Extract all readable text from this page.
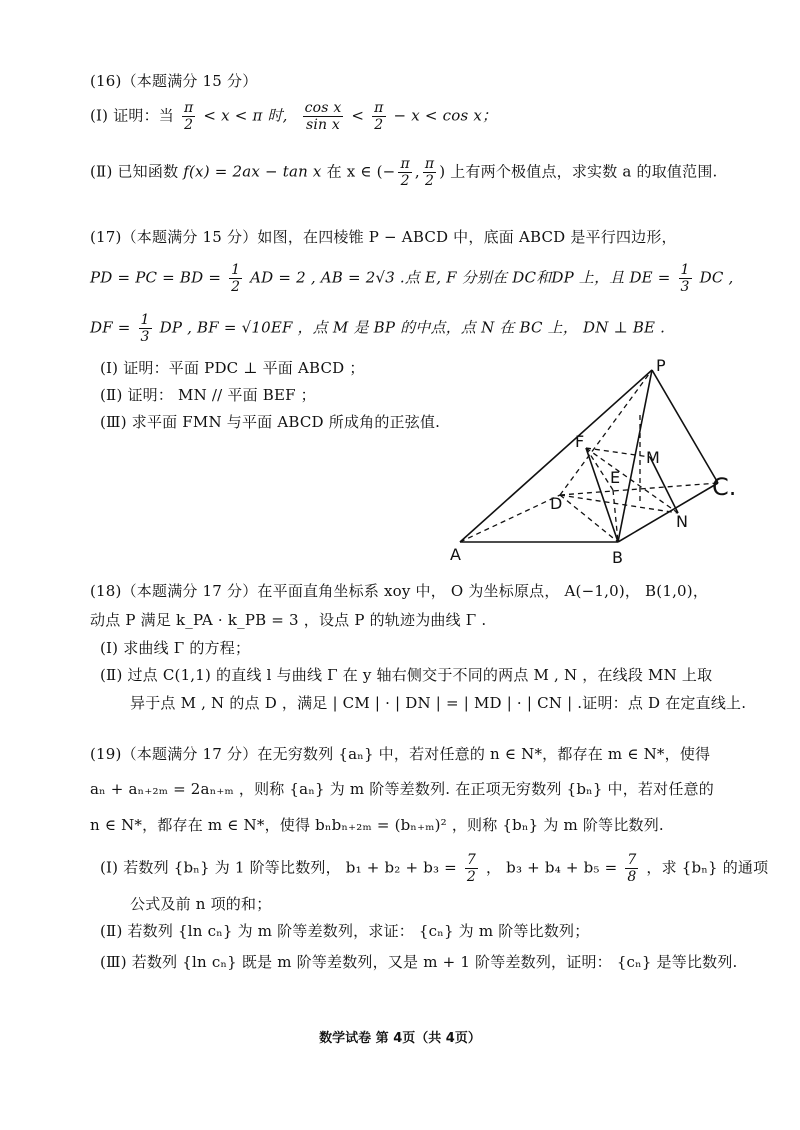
(16)（本题满分 15 分）
(Ⅰ) 证明：当 $\frac{\pi}{2} < x < \pi$ 时, $\frac{\text{cos x}}{\text{sin x}} < \frac{\pi}{2} - x < \cos x$；
(Ⅱ) 已知函数 f(x) = 2ax − tan x 在 x ∈ (− $\frac{\pi}{2}$ , $\frac{\pi}{2}$ ) 上有两个极值点，求实数 a 的取值范围.
(17)（本题满分 15 分）如图，在四棱锥 P − ABCD 中，底面 ABCD 是平行四边形，
PD = PC = BD = $\frac{1}{2}$ AD = 2 , AB = 2√3 .点 E, F 分别在 DC和DP 上，且 DE = $\frac{1}{3}$ DC ,
DF = $\frac{1}{3}$ DP , BF = √10EF ，点 M 是 BP 的中点，点 N 在 BC 上， DN ⊥ BE .
(Ⅰ) 证明：平面 PDC ⊥ 平面 ABCD ；
(Ⅱ) 证明： MN // 平面 BEF ；
(Ⅲ) 求平面 FMN 与平面 ABCD 所成角的正弦值.
P
F
M
E
D
C.
N
A	B
(18)（本题满分 17 分）在平面直角坐标系 xoy 中， O 为坐标原点， A(−1,0)， B(1,0)，
动点 P 满足 k_PA · k_PB = 3 ，设点 P 的轨迹为曲线 Γ .
(Ⅰ) 求曲线 Γ 的方程；
(Ⅱ) 过点 C(1,1) 的直线 l 与曲线 Γ 在 y 轴右侧交于不同的两点 M , N ，在线段 MN 上取
异于点 M , N 的点 D ，满足 | CM | · | DN | = | MD | · | CN | .证明：点 D 在定直线上.
(19)（本题满分 17 分）在无穷数列 {aₙ} 中，若对任意的 n ∈ N*，都存在 m ∈ N*，使得
aₙ + aₙ₊₂ₘ = 2aₙ₊ₘ ，则称 {aₙ} 为 m 阶等差数列. 在正项无穷数列 {bₙ} 中，若对任意的
n ∈ N*，都存在 m ∈ N*，使得 bₙbₙ₊₂ₘ = (bₙ₊ₘ)² ，则称 {bₙ} 为 m 阶等比数列.
(Ⅰ) 若数列 {bₙ} 为 1 阶等比数列， $b_1 + b_2 + b_3 = \frac{7}{2}$ ， $b_3 + b_4 + b_5 = \frac{7}{8}$ ，求 {bₙ} 的通项
公式及前 n 项的和；
(Ⅱ) 若数列 {ln cₙ} 为 m 阶等差数列，求证： {cₙ} 为 m 阶等比数列；
(Ⅲ) 若数列 {ln cₙ} 既是 m 阶等差数列，又是 m + 1 阶等差数列，证明： {cₙ} 是等比数列.
数学试卷 第 4页（共 4页）
